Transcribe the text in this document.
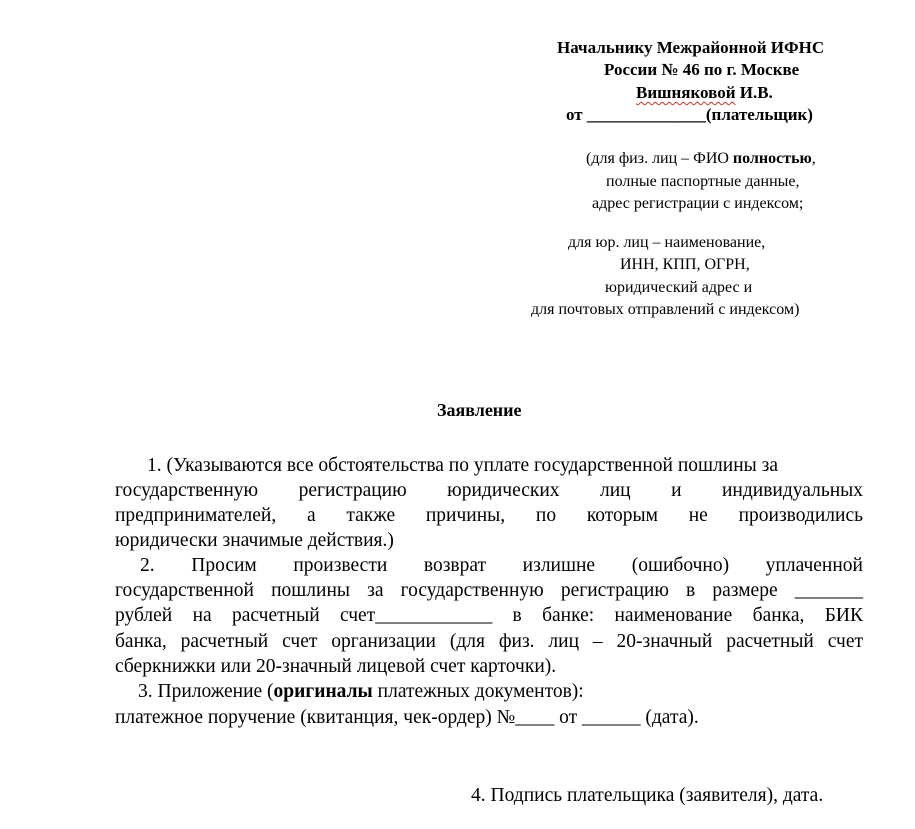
Начальнику Межрайонной ИФНС
России № 46 по г. Москве
Вишняковой И.В.
от ______________(плательщик)
(для физ. лиц – ФИО полностью,
полные паспортные данные,
адрес регистрации с индексом;
для юр. лиц – наименование,
ИНН, КПП, ОГРН,
юридический адрес и
для почтовых отправлений с индексом)
Заявление
1. (Указываются все обстоятельства по уплате государственной пошлины за
государственную регистрацию юридических лиц и индивидуальных
предпринимателей, а также причины, по которым не производились
юридически значимые действия.)
2. Просим произвести возврат излишне (ошибочно) уплаченной
государственной пошлины за государственную регистрацию в размере _______
рублей на расчетный счет____________ в банке: наименование банка, БИК
банка, расчетный счет организации (для физ. лиц – 20-значный расчетный счет
сберкнижки или 20-значный лицевой счет карточки).
3. Приложение (оригиналы платежных документов):
платежное поручение (квитанция, чек-ордер) №____ от ______ (дата).
4. Подпись плательщика (заявителя), дата.
